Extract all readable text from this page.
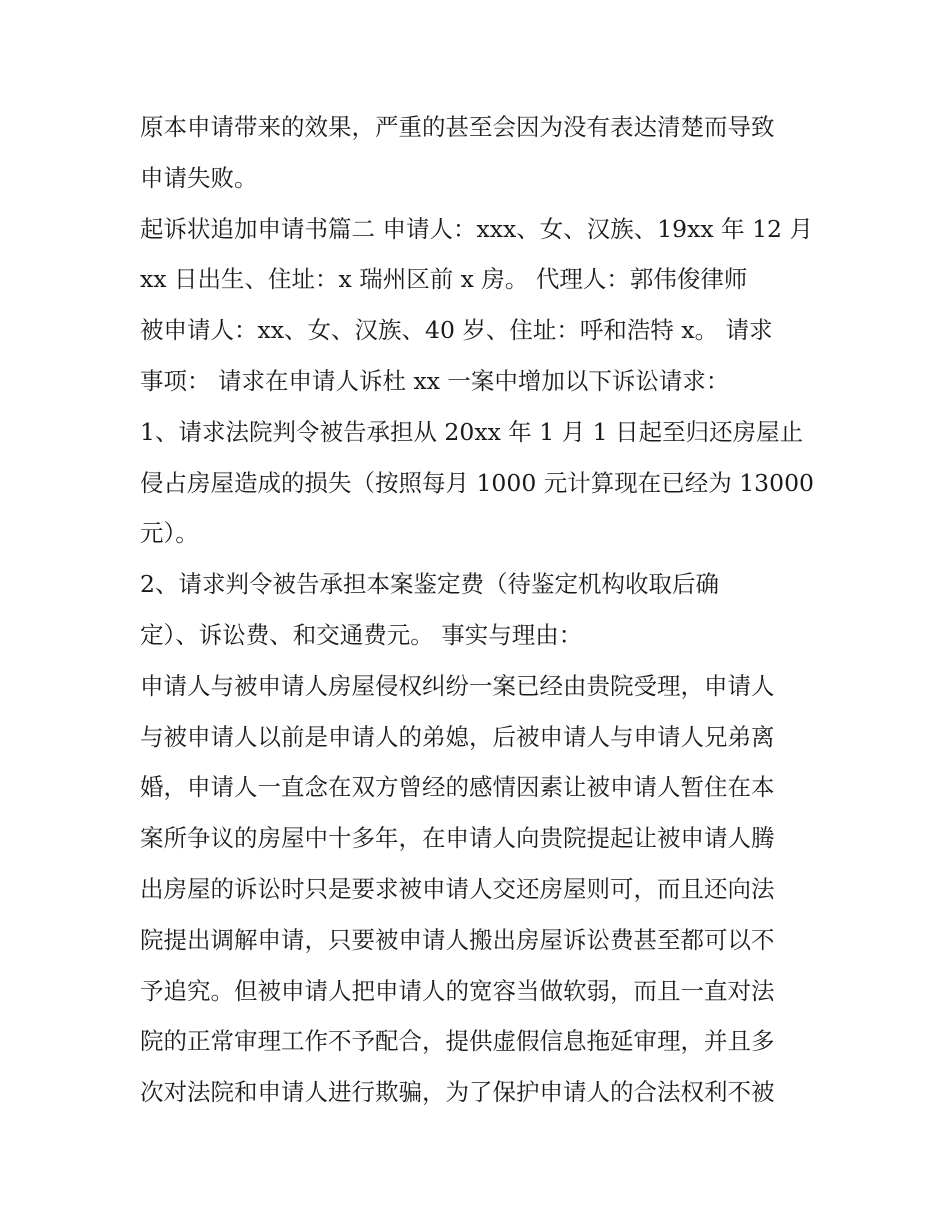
原本申请带来的效果，严重的甚至会因为没有表达清楚而导致
申请失败。
起诉状追加申请书篇二 申请人：xxx、女、汉族、19xx 年 12 月
xx 日出生、住址：x 瑞州区前 x 房。 代理人：郭伟俊律师
被申请人：xx、女、汉族、40 岁、住址：呼和浩特 x。 请求
事项： 请求在申请人诉杜 xx 一案中增加以下诉讼请求：
1、请求法院判令被告承担从 20xx 年 1 月 1 日起至归还房屋止
侵占房屋造成的损失（按照每月 1000 元计算现在已经为 13000
元）。
2、请求判令被告承担本案鉴定费（待鉴定机构收取后确
定）、诉讼费、和交通费元。 事实与理由：
申请人与被申请人房屋侵权纠纷一案已经由贵院受理，申请人
与被申请人以前是申请人的弟媳，后被申请人与申请人兄弟离
婚，申请人一直念在双方曾经的感情因素让被申请人暂住在本
案所争议的房屋中十多年，在申请人向贵院提起让被申请人腾
出房屋的诉讼时只是要求被申请人交还房屋则可，而且还向法
院提出调解申请，只要被申请人搬出房屋诉讼费甚至都可以不
予追究。但被申请人把申请人的宽容当做软弱，而且一直对法
院的正常审理工作不予配合，提供虚假信息拖延审理，并且多
次对法院和申请人进行欺骗，为了保护申请人的合法权利不被
